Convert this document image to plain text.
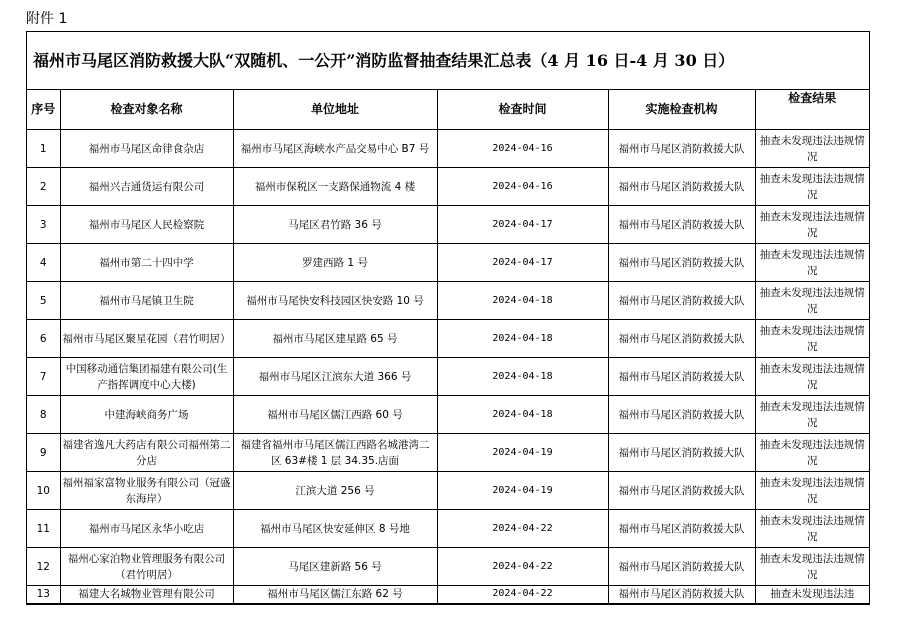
附件 1
福州市马尾区消防救援大队“双随机、一公开”消防监督抽查结果汇总表（4 月 16 日-4 月 30 日）
序号	检查对象名称	单位地址	检查时间	实施检查机构	检查结果
1	福州市马尾区命律食杂店	福州市马尾区海峡水产品交易中心 B7 号	2024-04-16	福州市马尾区消防救援大队	抽查未发现违法违规情况
2	福州兴吉通货运有限公司	福州市保税区一支路保通物流 4 楼	2024-04-16	福州市马尾区消防救援大队	抽查未发现违法违规情况
3	福州市马尾区人民检察院	马尾区君竹路 36 号	2024-04-17	福州市马尾区消防救援大队	抽查未发现违法违规情况
4	福州市第二十四中学	罗建西路 1 号	2024-04-17	福州市马尾区消防救援大队	抽查未发现违法违规情况
5	福州市马尾镇卫生院	福州市马尾快安科技园区快安路 10 号	2024-04-18	福州市马尾区消防救援大队	抽查未发现违法违规情况
6	福州市马尾区聚星花园（君竹明居）	福州市马尾区建星路 65 号	2024-04-18	福州市马尾区消防救援大队	抽查未发现违法违规情况
7	中国移动通信集团福建有限公司(生产指挥调度中心大楼)	福州市马尾区江滨东大道 366 号	2024-04-18	福州市马尾区消防救援大队	抽查未发现违法违规情况
8	中建海峡商务广场	福州市马尾区儒江西路 60 号	2024-04-18	福州市马尾区消防救援大队	抽查未发现违法违规情况
9	福建省逸凡大药店有限公司福州第二分店	福建省福州市马尾区儒江西路名城港湾二区 63#楼 1 层 34.35.店面	2024-04-19	福州市马尾区消防救援大队	抽查未发现违法违规情况
10	福州福家富物业服务有限公司（冠盛东海岸）	江滨大道 256 号	2024-04-19	福州市马尾区消防救援大队	抽查未发现违法违规情况
11	福州市马尾区永华小吃店	福州市马尾区快安延伸区 8 号地	2024-04-22	福州市马尾区消防救援大队	抽查未发现违法违规情况
12	福州心家泊物业管理服务有限公司（君竹明居）	马尾区建新路 56 号	2024-04-22	福州市马尾区消防救援大队	抽查未发现违法违规情况
13	福建大名城物业管理有限公司	福州市马尾区儒江东路 62 号	2024-04-22	福州市马尾区消防救援大队	抽查未发现违法违
